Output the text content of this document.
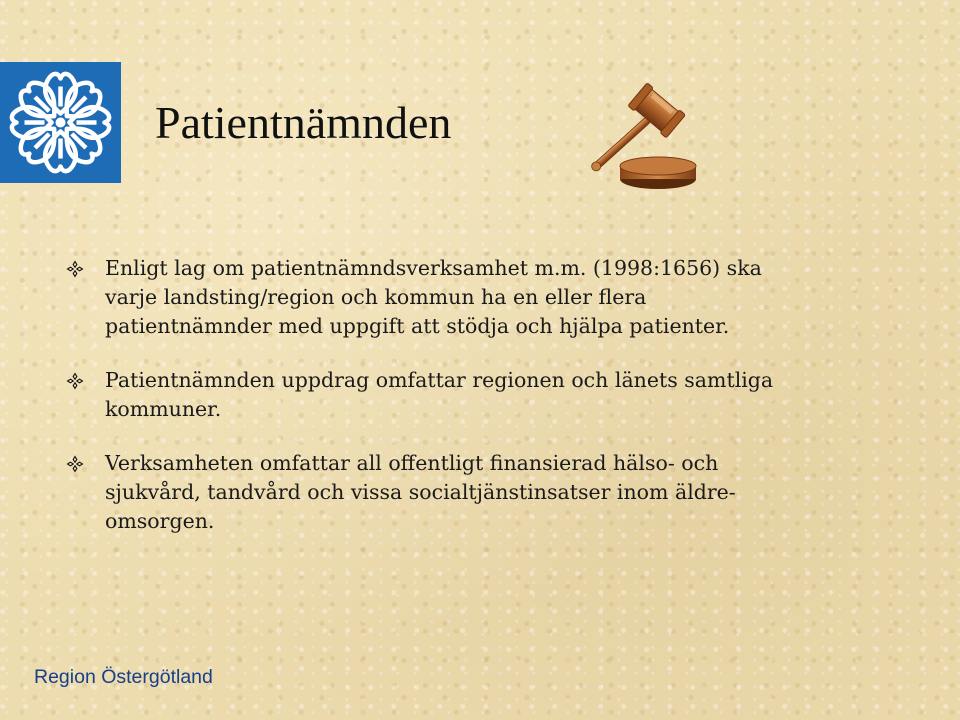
Patientnämnden
Enligt lag om patientnämndsverksamhet m.m. (1998:1656) ska varje landsting/region och kommun ha en eller flera patientnämnder med uppgift att stödja och hjälpa patienter.
Patientnämnden uppdrag omfattar regionen och länets samtliga kommuner.
Verksamheten omfattar all offentligt finansierad hälso- och sjukvård, tandvård och vissa socialtjänstinsatser inom äldre-omsorgen.
Region Östergötland
